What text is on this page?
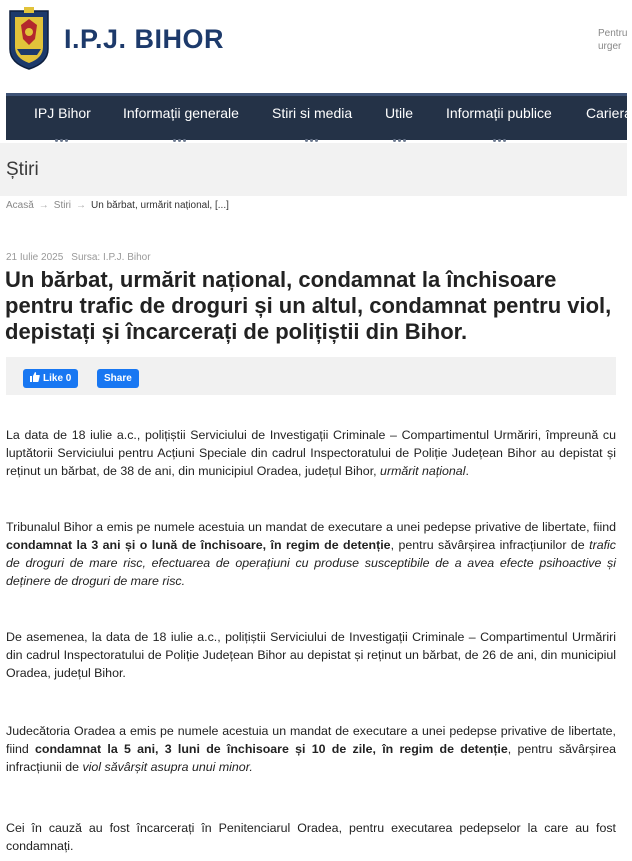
I.P.J. BIHOR	Pentru
urger
IPJ Bihor Informații generale Stiri si media Utile Informații publice Cariera
Știri
Acasă → Stiri → Un bărbat, urmărit național, [...]
21 Iulie 2025 Sursa: I.P.J. Bihor
Un bărbat, urmărit național, condamnat la închisoare pentru trafic de droguri și un altul, condamnat pentru viol, depistați și încarcerați de polițiștii din Bihor.
Like 0	Share
La data de 18 iulie a.c., polițiștii Serviciului de Investigații Criminale – Compartimentul Urmăriri, împreună cu luptătorii Serviciului pentru Acțiuni Speciale din cadrul Inspectoratului de Poliție Județean Bihor au depistat și reținut un bărbat, de 38 de ani, din municipiul Oradea, județul Bihor, urmărit național.
Tribunalul Bihor a emis pe numele acestuia un mandat de executare a unei pedepse privative de libertate, fiind condamnat la 3 ani și o lună de închisoare, în regim de detenție, pentru săvârșirea infracțiunilor de trafic de droguri de mare risc, efectuarea de operațiuni cu produse susceptibile de a avea efecte psihoactive și deținere de droguri de mare risc.
De asemenea, la data de 18 iulie a.c., polițiștii Serviciului de Investigații Criminale – Compartimentul Urmăriri din cadrul Inspectoratului de Poliție Județean Bihor au depistat și reținut un bărbat, de 26 de ani, din municipiul Oradea, județul Bihor.
Judecătoria Oradea a emis pe numele acestuia un mandat de executare a unei pedepse privative de libertate, fiind condamnat la 5 ani, 3 luni de închisoare și 10 de zile, în regim de detenție, pentru săvârșirea infracțiunii de viol săvârșit asupra unui minor.
Cei în cauză au fost încarcerați în Penitenciarul Oradea, pentru executarea pedepselor la care au fost condamnați.
